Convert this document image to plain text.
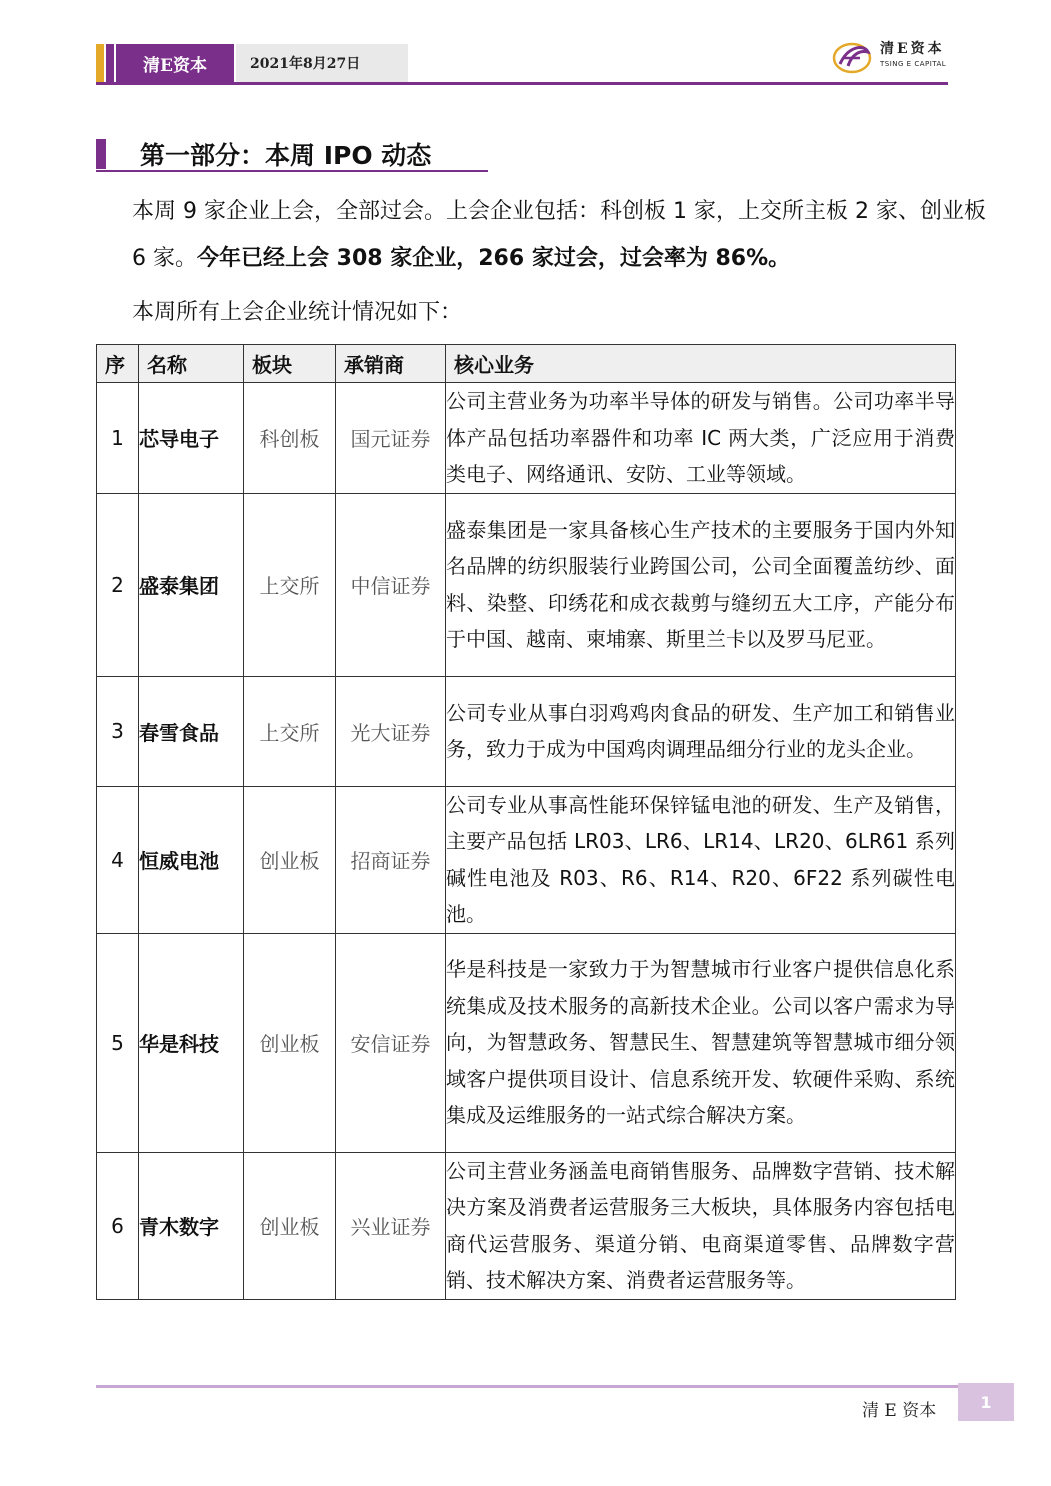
清E资本	2021年8月27日
清E资本
TSING E CAPITAL
第一部分：本周 IPO 动态
本周 9 家企业上会，全部过会。上会企业包括：科创板 1 家，上交所主板 2 家、创业板 6 家。今年已经上会 308 家企业，266 家过会，过会率为 86%。
本周所有上会企业统计情况如下：
序	名称	板块	承销商	核心业务
1	芯导电子	科创板	国元证券	公司主营业务为功率半导体的研发与销售。公司功率半导体产品包括功率器件和功率 IC 两大类，广泛应用于消费类电子、网络通讯、安防、工业等领域。
2	盛泰集团	上交所	中信证券	盛泰集团是一家具备核心生产技术的主要服务于国内外知名品牌的纺织服装行业跨国公司，公司全面覆盖纺纱、面料、染整、印绣花和成衣裁剪与缝纫五大工序，产能分布于中国、越南、柬埔寨、斯里兰卡以及罗马尼亚。
3	春雪食品	上交所	光大证券	公司专业从事白羽鸡鸡肉食品的研发、生产加工和销售业务，致力于成为中国鸡肉调理品细分行业的龙头企业。
4	恒威电池	创业板	招商证券	公司专业从事高性能环保锌锰电池的研发、生产及销售，主要产品包括 LR03、LR6、LR14、LR20、6LR61 系列碱性电池及 R03、R6、R14、R20、6F22 系列碳性电池。
5	华是科技	创业板	安信证券	华是科技是一家致力于为智慧城市行业客户提供信息化系统集成及技术服务的高新技术企业。公司以客户需求为导向，为智慧政务、智慧民生、智慧建筑等智慧城市细分领域客户提供项目设计、信息系统开发、软硬件采购、系统集成及运维服务的一站式综合解决方案。
6	青木数字	创业板	兴业证券	公司主营业务涵盖电商销售服务、品牌数字营销、技术解决方案及消费者运营服务三大板块，具体服务内容包括电商代运营服务、渠道分销、电商渠道零售、品牌数字营销、技术解决方案、消费者运营服务等。
清 E 资本	1
